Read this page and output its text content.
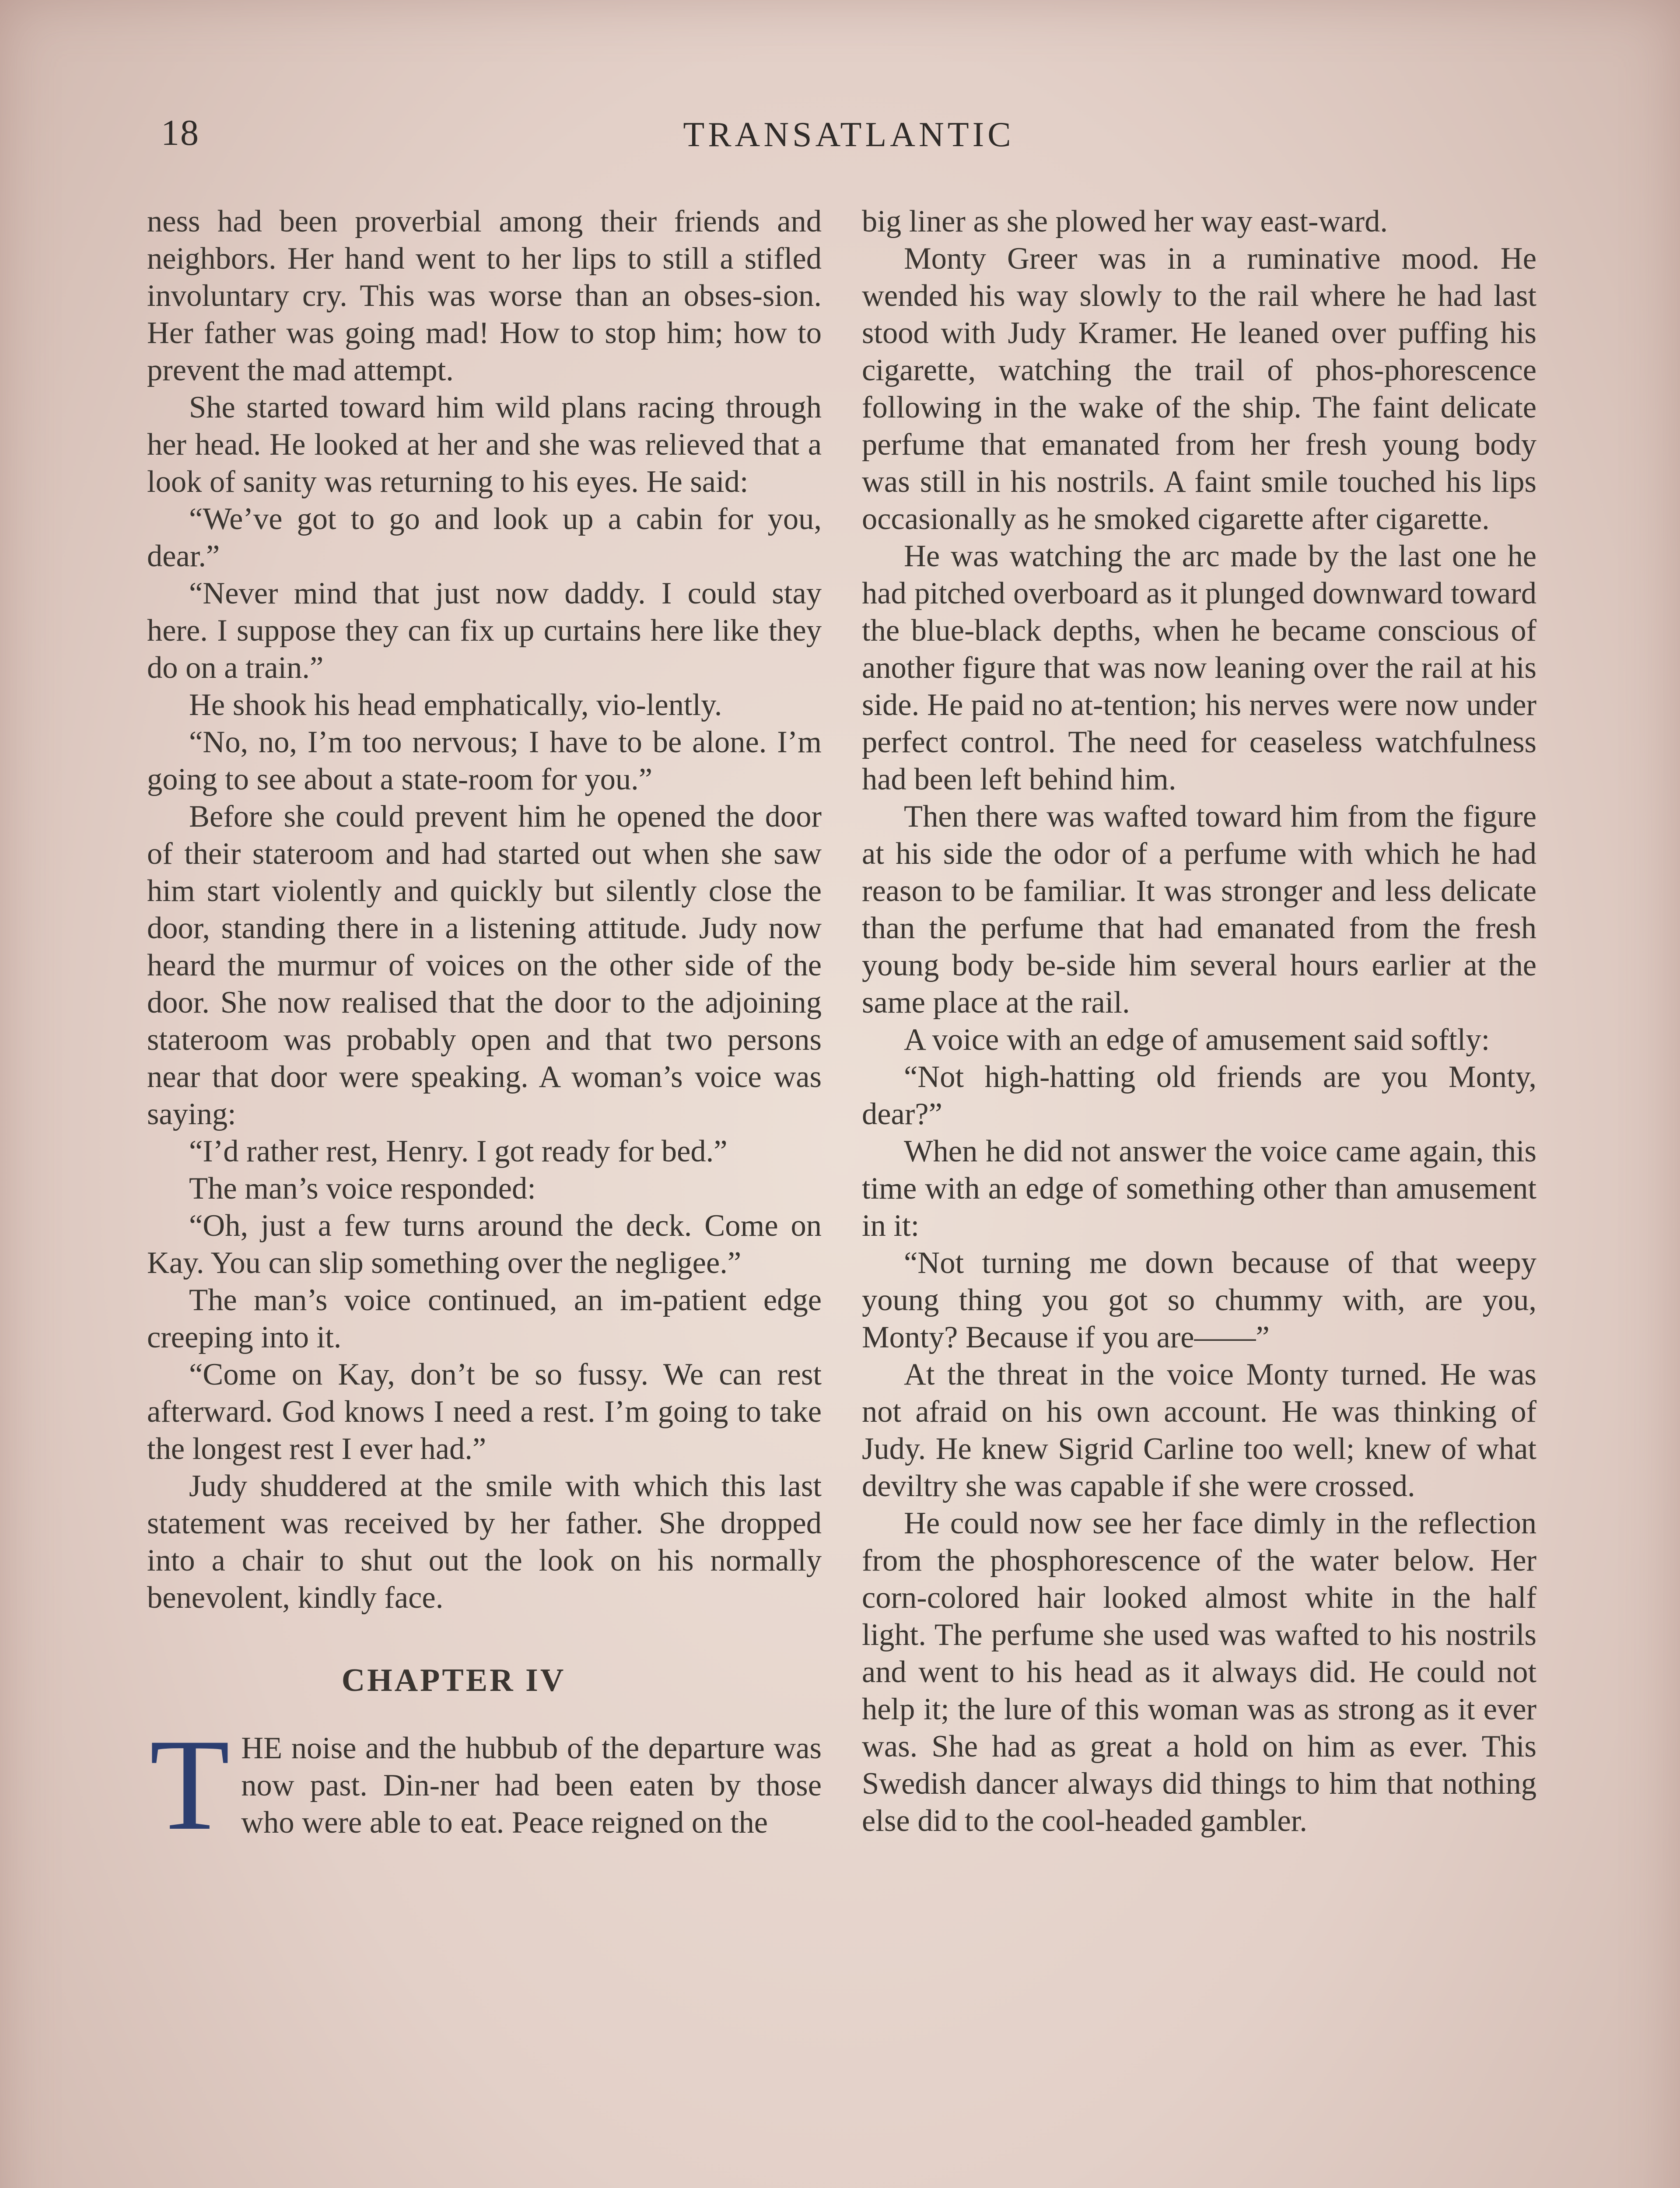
18	TRANSATLANTIC

ness had been proverbial among their friends and neighbors. Her hand went to her lips to still a stifled involuntary cry. This was worse than an obses-sion. Her father was going mad! How to stop him; how to prevent the mad attempt.

She started toward him wild plans racing through her head. He looked at her and she was relieved that a look of sanity was returning to his eyes. He said:

“We’ve got to go and look up a cabin for you, dear.”

“Never mind that just now daddy. I could stay here. I suppose they can fix up curtains here like they do on a train.”

He shook his head emphatically, vio-lently.

“No, no, I’m too nervous; I have to be alone. I’m going to see about a state-room for you.”

Before she could prevent him he opened the door of their stateroom and had started out when she saw him start violently and quickly but silently close the door, standing there in a listening attitude. Judy now heard the murmur of voices on the other side of the door. She now realised that the door to the adjoining stateroom was probably open and that two persons near that door were speaking. A woman’s voice was saying:

“I’d rather rest, Henry. I got ready for bed.”

The man’s voice responded:

“Oh, just a few turns around the deck. Come on Kay. You can slip something over the negligee.”

The man’s voice continued, an im-patient edge creeping into it.

“Come on Kay, don’t be so fussy. We can rest afterward. God knows I need a rest. I’m going to take the longest rest I ever had.”

Judy shuddered at the smile with which this last statement was received by her father. She dropped into a chair to shut out the look on his normally benevolent, kindly face.

CHAPTER IV

THE noise and the hubbub of the departure was now past. Din-ner had been eaten by those who were able to eat. Peace reigned on the

big liner as she plowed her way east-ward.

Monty Greer was in a ruminative mood. He wended his way slowly to the rail where he had last stood with Judy Kramer. He leaned over puffing his cigarette, watching the trail of phos-phorescence following in the wake of the ship. The faint delicate perfume that emanated from her fresh young body was still in his nostrils. A faint smile touched his lips occasionally as he smoked cigarette after cigarette.

He was watching the arc made by the last one he had pitched overboard as it plunged downward toward the blue-black depths, when he became conscious of another figure that was now leaning over the rail at his side. He paid no at-tention; his nerves were now under perfect control. The need for ceaseless watchfulness had been left behind him.

Then there was wafted toward him from the figure at his side the odor of a perfume with which he had reason to be familiar. It was stronger and less delicate than the perfume that had emanated from the fresh young body be-side him several hours earlier at the same place at the rail.

A voice with an edge of amusement said softly:

“Not high-hatting old friends are you Monty, dear?”

When he did not answer the voice came again, this time with an edge of something other than amusement in it:

“Not turning me down because of that weepy young thing you got so chummy with, are you, Monty? Because if you are——”

At the threat in the voice Monty turned. He was not afraid on his own account. He was thinking of Judy. He knew Sigrid Carline too well; knew of what deviltry she was capable if she were crossed.

He could now see her face dimly in the reflection from the phosphorescence of the water below. Her corn-colored hair looked almost white in the half light. The perfume she used was wafted to his nostrils and went to his head as it always did. He could not help it; the lure of this woman was as strong as it ever was. She had as great a hold on him as ever. This Swedish dancer always did things to him that nothing else did to the cool-headed gambler.
